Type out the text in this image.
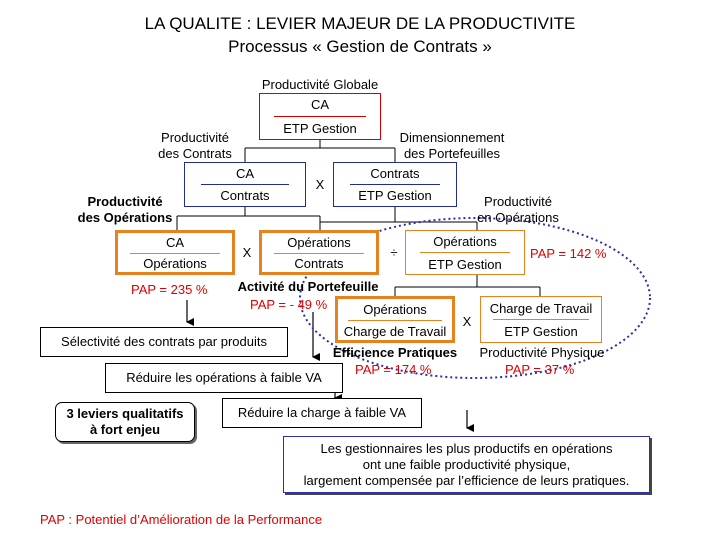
LA QUALITE : LEVIER MAJEUR DE LA PRODUCTIVITE
Processus « Gestion de Contrats »
Productivité Globale
CA
ETP Gestion
Productivité
des Contrats
Dimensionnement
des Portefeuilles
CA
Contrats
X
Contrats
ETP Gestion
Productivité
des Opérations
Productivité
en Opérations
CA
Opérations
X
Opérations
Contrats
÷
Opérations
ETP Gestion
PAP = 235 %
PAP = 142 %
Activité du Portefeuille
PAP = - 49 %	Opérations
Charge de Travail
X
Charge de Travail
ETP Gestion
Efficience Pratiques	Productivité Physique
PAP = 174 %	PAP = 37 %
Sélectivité des contrats par produits
Réduire les opérations à faible VA
Réduire la charge à faible VA
3 leviers qualitatifs
à fort enjeu
Les gestionnaires les plus productifs en opérations
ont une faible productivité physique,
largement compensée par l’efficience de leurs pratiques.
PAP : Potentiel d’Amélioration de la Performance
